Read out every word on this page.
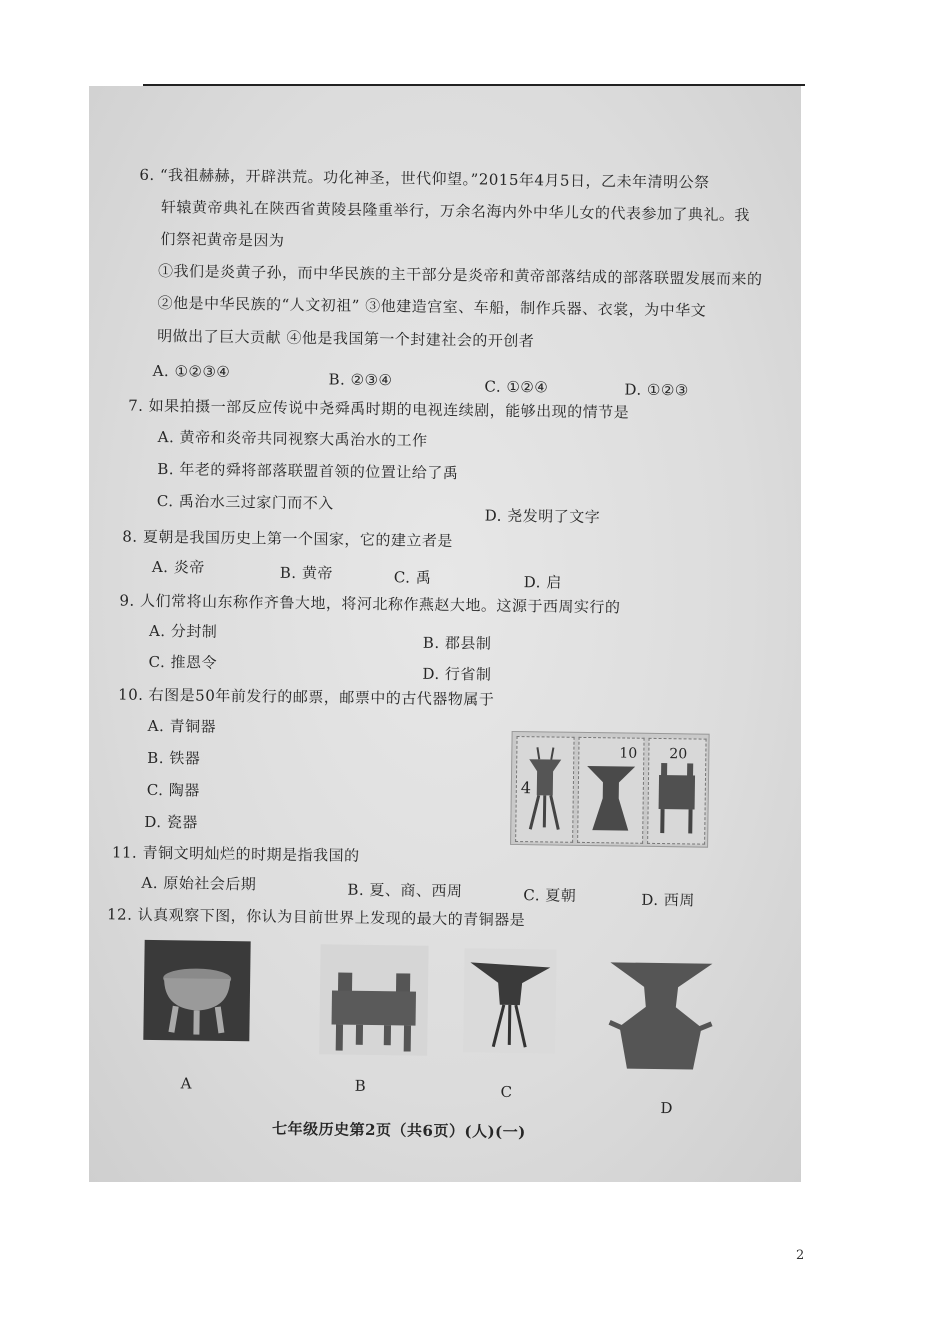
6. “我祖赫赫，开辟洪荒。功化神圣，世代仰望。”2015年4月5日，乙未年清明公祭
轩辕黄帝典礼在陕西省黄陵县隆重举行，万余名海内外中华儿女的代表参加了典礼。我
们祭祀黄帝是因为
①我们是炎黄子孙，而中华民族的主干部分是炎帝和黄帝部落结成的部落联盟发展而来的
②他是中华民族的“人文初祖” ③他建造宫室、车船，制作兵器、衣裳，为中华文
明做出了巨大贡献 ④他是我国第一个封建社会的开创者
A. ①②③④	B. ②③④	C. ①②④	D. ①②③
7. 如果拍摄一部反应传说中尧舜禹时期的电视连续剧，能够出现的情节是
A. 黄帝和炎帝共同视察大禹治水的工作
B. 年老的舜将部落联盟首领的位置让给了禹
C. 禹治水三过家门而不入
D. 尧发明了文字
8. 夏朝是我国历史上第一个国家，它的建立者是
A. 炎帝	B. 黄帝	C. 禹	D. 启
9. 人们常将山东称作齐鲁大地，将河北称作燕赵大地。这源于西周实行的
A. 分封制
B. 郡县制
C. 推恩令
D. 行省制
10. 右图是50年前发行的邮票，邮票中的古代器物属于
A. 青铜器
B. 铁器
C. 陶器
D. 瓷器
4
10 20
11. 青铜文明灿烂的时期是指我国的
A. 原始社会后期	B. 夏、商、西周	C. 夏朝	D. 西周
12. 认真观察下图，你认为目前世界上发现的最大的青铜器是
A	B	C
D
七年级历史第2页（共6页）(人)(一)
2
